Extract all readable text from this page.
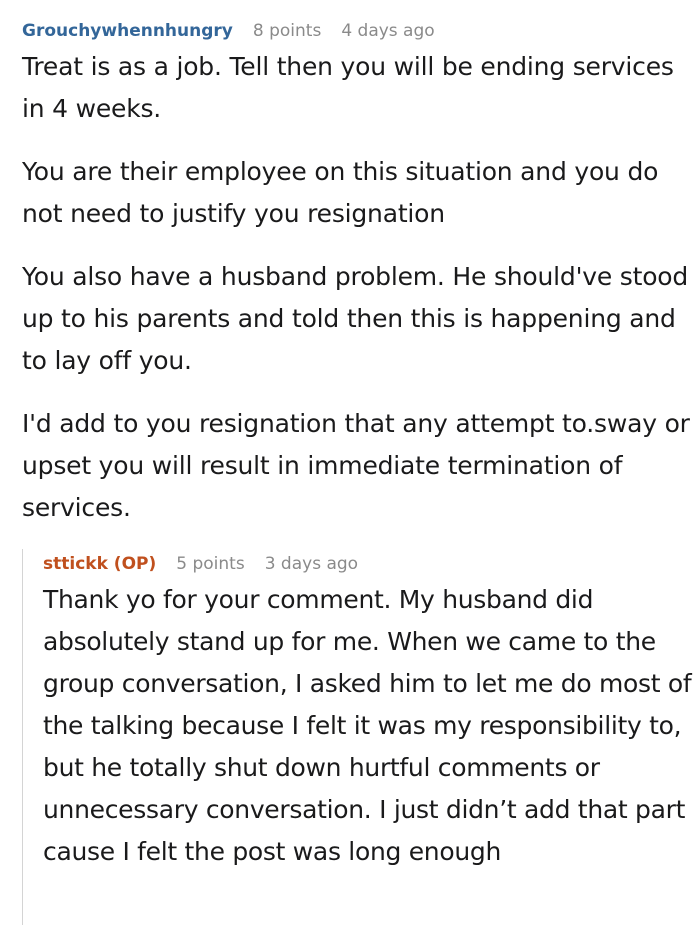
Grouchywhennhungry 8 points 4 days ago

Treat is as a job. Tell then you will be ending services in 4 weeks.

You are their employee on this situation and you do not need to justify you resignation

You also have a husband problem. He should've stood up to his parents and told then this is happening and to lay off you.

I'd add to you resignation that any attempt to.sway or upset you will result in immediate termination of services.

sttickk (OP) 5 points 3 days ago

Thank yo for your comment. My husband did absolutely stand up for me. When we came to the group conversation, I asked him to let me do most of the talking because I felt it was my responsibility to, but he totally shut down hurtful comments or unnecessary conversation. I just didn’t add that part cause I felt the post was long enough
